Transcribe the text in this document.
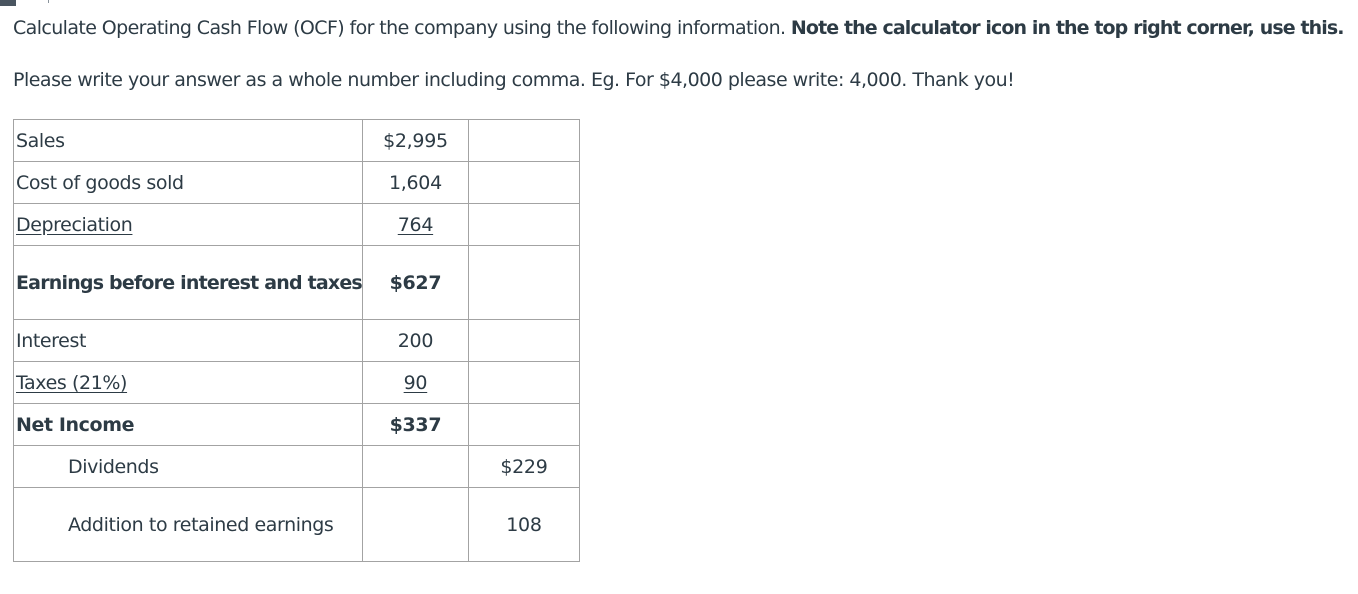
Calculate Operating Cash Flow (OCF) for the company using the following information. Note the calculator icon in the top right corner, use this.
Please write your answer as a whole number including comma. Eg. For $4,000 please write: 4,000. Thank you!
Sales	$2,995	
Cost of goods sold	1,604	
Depreciation	764	
Earnings before interest and taxes	$627	
Interest	200	
Taxes (21%)	90	
Net Income	$337	
Dividends		$229
Addition to retained earnings		108
